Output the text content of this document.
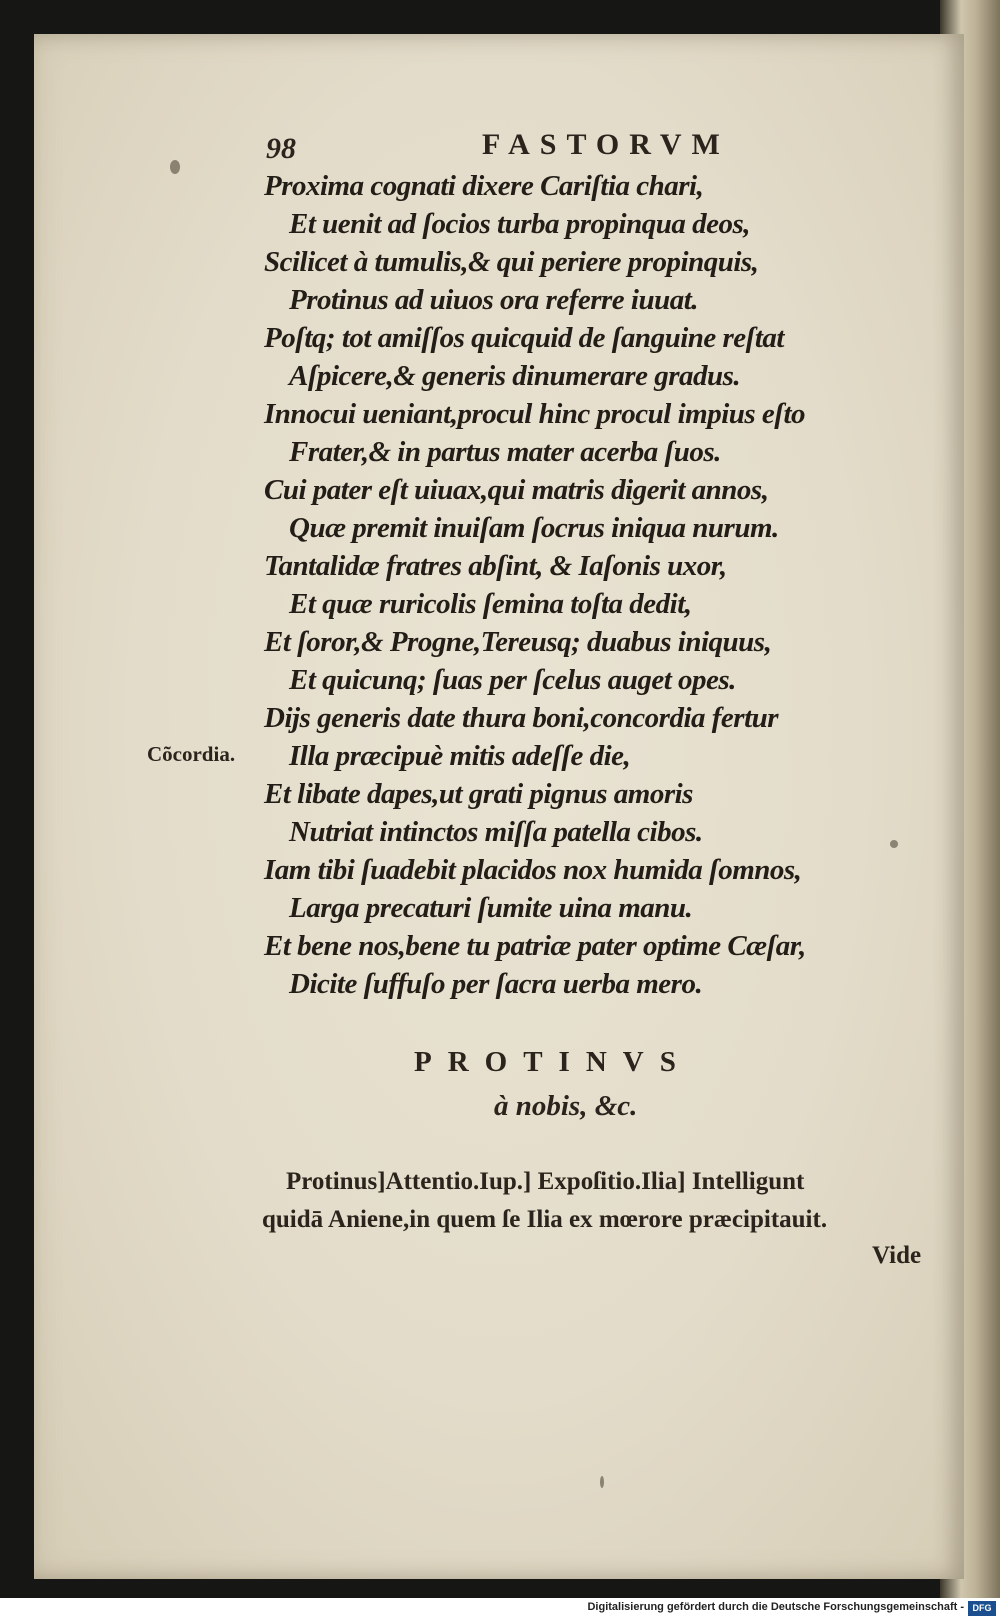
98	FASTORVM
Proxima cognati dixere Cariſtia chari,
Et uenit ad ſocios turba propinqua deos,
Scilicet à tumulis,& qui periere propinquis,
Protinus ad uiuos ora referre iuuat.
Poſtq; tot amiſſos quicquid de ſanguine reſtat
Aſpicere,& generis dinumerare gradus.
Innocui ueniant,procul hinc procul impius eſto
Frater,& in partus mater acerba ſuos.
Cui pater eſt uiuax,qui matris digerit annos,
Quæ premit inuiſam ſocrus iniqua nurum.
Tantalidæ fratres abſint, & Iaſonis uxor,
Et quæ ruricolis ſemina toſta dedit,
Et ſoror,& Progne,Tereusq; duabus iniquus,
Et quicunq; ſuas per ſcelus auget opes.
Dijs generis date thura boni,concordia fertur
Illa præcipuè mitis adeſſe die,
Et libate dapes,ut grati pignus amoris
Nutriat intinctos miſſa patella cibos.
Iam tibi ſuadebit placidos nox humida ſomnos,
Larga precaturi ſumite uina manu.
Et bene nos,bene tu patriæ pater optime Cæſar,
Dicite ſuffuſo per ſacra uerba mero.
Cõcordia.
PROTINVS
à nobis, &c.
Protinus]Attentio.Iup.] Expoſitio.Ilia] Intelligunt
quidā Aniene,in quem ſe Ilia ex mœrore præcipitauit.
Vide
Digitalisierung gefördert durch die Deutsche Forschungsgemeinschaft - DFG
